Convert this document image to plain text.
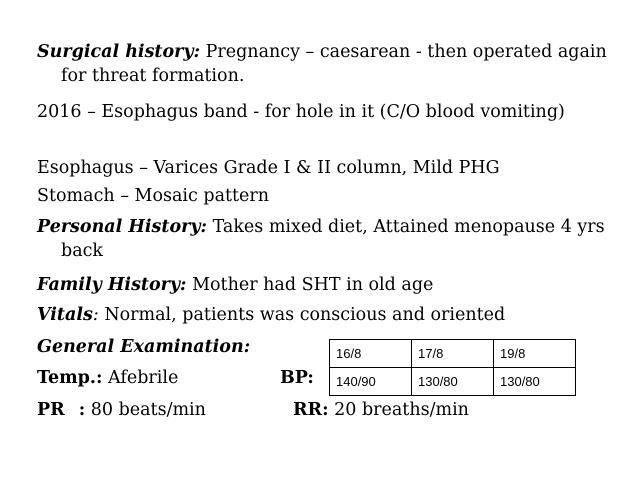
Surgical history: Pregnancy – caesarean - then operated again for threat formation.
2016 – Esophagus band - for hole in it (C/O blood vomiting)
Esophagus – Varices Grade I & II column, Mild PHG
Stomach – Mosaic pattern
Personal History: Takes mixed diet, Attained menopause 4 yrs back
Family History: Mother had SHT in old age
Vitals: Normal, patients was conscious and oriented
General Examination:
Temp.: Afebrile	BP:
16/8	17/8	19/8
140/90	130/80	130/80
PR : 80 beats/min	RR: 20 breaths/min
